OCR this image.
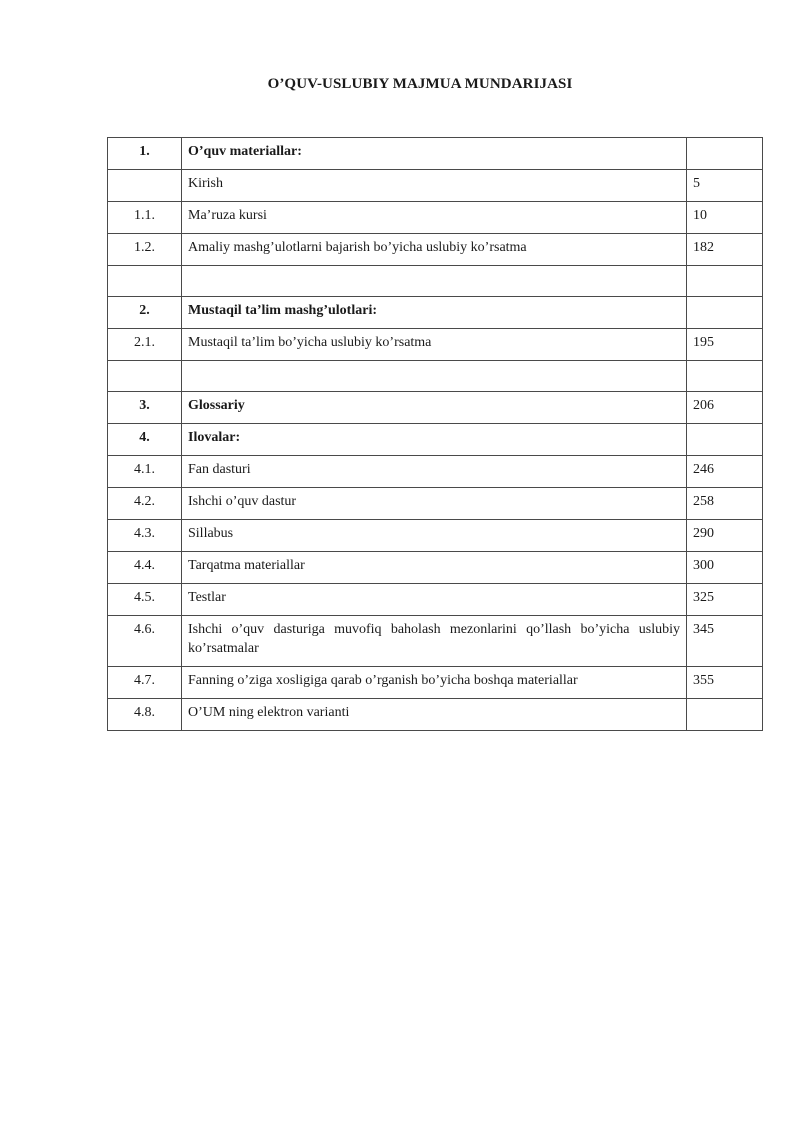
O’QUV-USLUBIY MAJMUA MUNDARIJASI
1.	O’quv materiallar:	
	Kirish	5
1.1.	Ma’ruza kursi	10
1.2.	Amaliy mashg’ulotlarni bajarish bo’yicha uslubiy ko’rsatma	182

2.	Mustaqil ta’lim mashg’ulotlari:	
2.1.	Mustaqil ta’lim bo’yicha uslubiy ko’rsatma	195

3.	Glossariy	206
4.	Ilovalar:	
4.1.	Fan dasturi	246
4.2.	Ishchi o’quv dastur	258
4.3.	Sillabus	290
4.4.	Tarqatma materiallar	300
4.5.	Testlar	325
4.6.	Ishchi o’quv dasturiga muvofiq baholash mezonlarini qo’llash bo’yicha uslubiy ko’rsatmalar	345
4.7.	Fanning o’ziga xosligiga qarab o’rganish bo’yicha boshqa materiallar	355
4.8.	O’UM ning elektron varianti	
